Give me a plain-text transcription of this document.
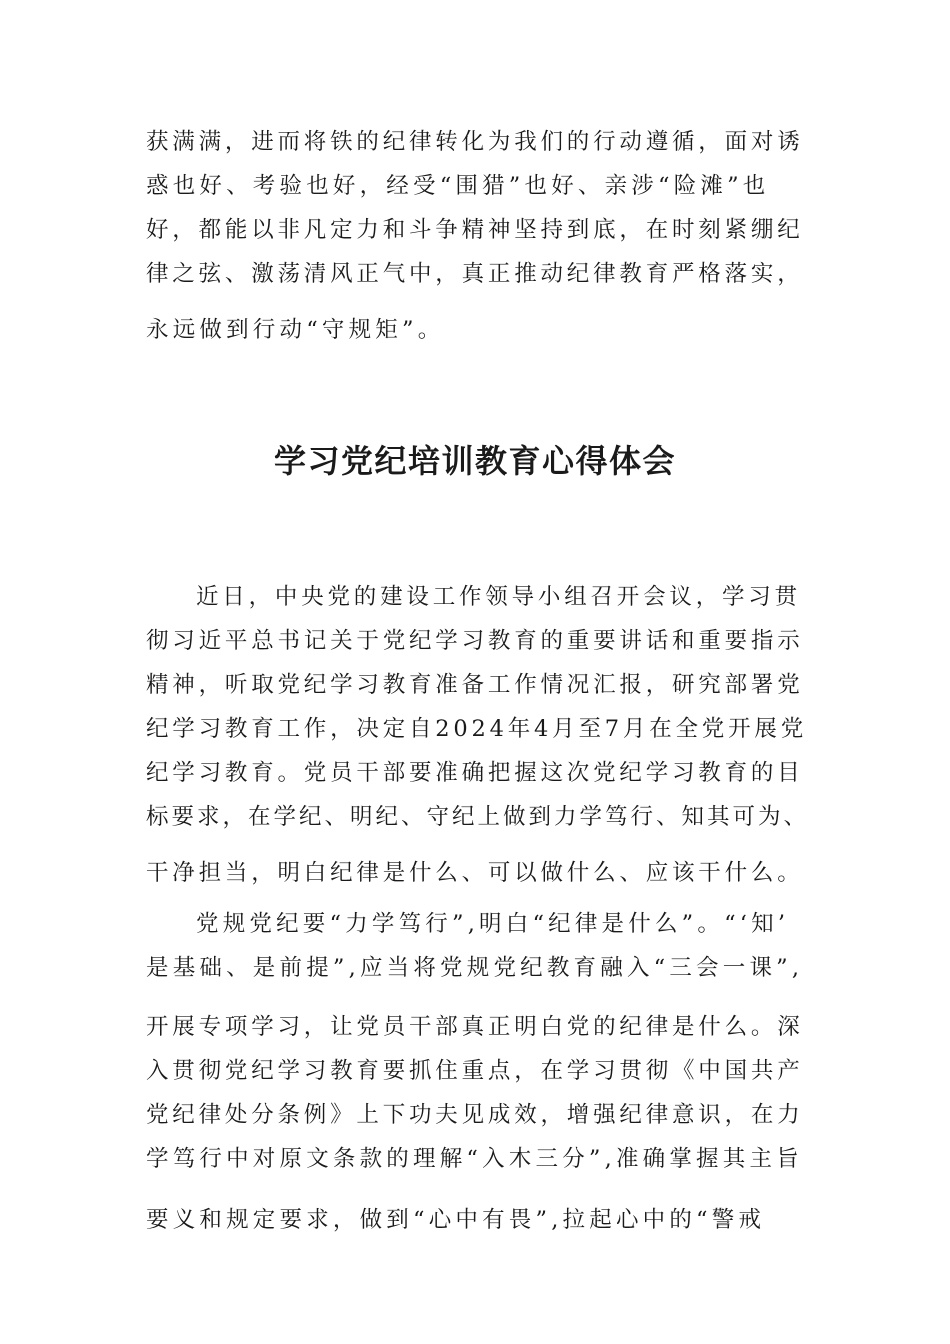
获满满，进而将铁的纪律转化为我们的行动遵循，面对诱
惑也好、考验也好，经受“围猎”也好、亲涉“险滩”也
好，都能以非凡定力和斗争精神坚持到底，在时刻紧绷纪
律之弦、激荡清风正气中，真正推动纪律教育严格落实，
永远做到行动“守规矩”。
学习党纪培训教育心得体会
近日，中央党的建设工作领导小组召开会议，学习贯
彻习近平总书记关于党纪学习教育的重要讲话和重要指示
精神，听取党纪学习教育准备工作情况汇报，研究部署党
纪学习教育工作，决定自2024年4月至7月在全党开展党
纪学习教育。党员干部要准确把握这次党纪学习教育的目
标要求，在学纪、明纪、守纪上做到力学笃行、知其可为、
干净担当，明白纪律是什么、可以做什么、应该干什么。
党规党纪要“力学笃行”,明白“纪律是什么”。“‘知’
是基础、是前提”,应当将党规党纪教育融入“三会一课”,
开展专项学习，让党员干部真正明白党的纪律是什么。深
入贯彻党纪学习教育要抓住重点，在学习贯彻《中国共产
党纪律处分条例》上下功夫见成效，增强纪律意识，在力
学笃行中对原文条款的理解“入木三分”,准确掌握其主旨
要义和规定要求，做到“心中有畏”,拉起心中的“警戒
